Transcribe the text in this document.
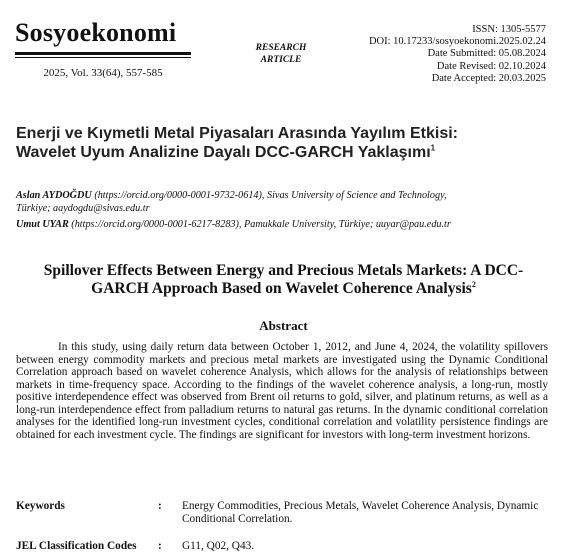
Sosyoekonomi
2025, Vol. 33(64), 557-585
RESEARCH
ARTICLE
ISSN: 1305-5577
DOI: 10.17233/sosyoekonomi.2025.02.24
Date Submitted: 05.08.2024
Date Revised: 02.10.2024
Date Accepted: 20.03.2025
Enerji ve Kıymetli Metal Piyasaları Arasında Yayılım Etkisi:
Wavelet Uyum Analizine Dayalı DCC-GARCH Yaklaşımı$^1$
Aslan AYDOĞDU (https://orcid.org/0000-0001-9732-0614), Sivas University of Science and Technology,
Türkiye; aaydogdu@sivas.edu.tr
Umut UYAR (https://orcid.org/0000-0001-6217-8283), Pamukkale University, Türkiye; uuyar@pau.edu.tr
Spillover Effects Between Energy and Precious Metals Markets: A DCC-
GARCH Approach Based on Wavelet Coherence Analysis$^2$
Abstract
In this study, using daily return data between October 1, 2012, and June 4, 2024, the volatility spillovers between energy commodity markets and precious metal markets are investigated using the Dynamic Conditional Correlation approach based on wavelet coherence Analysis, which allows for the analysis of relationships between markets in time-frequency space. According to the findings of the wavelet coherence analysis, a long-run, mostly positive interdependence effect was observed from Brent oil returns to gold, silver, and platinum returns, as well as a long-run interdependence effect from palladium returns to natural gas returns. In the dynamic conditional correlation analyses for the identified long-run investment cycles, conditional correlation and volatility persistence findings are obtained for each investment cycle. The findings are significant for investors with long-term investment horizons.
Keywords	:	Energy Commodities, Precious Metals, Wavelet Coherence Analysis, Dynamic Conditional Correlation.
JEL Classification Codes	:	G11, Q02, Q43.
